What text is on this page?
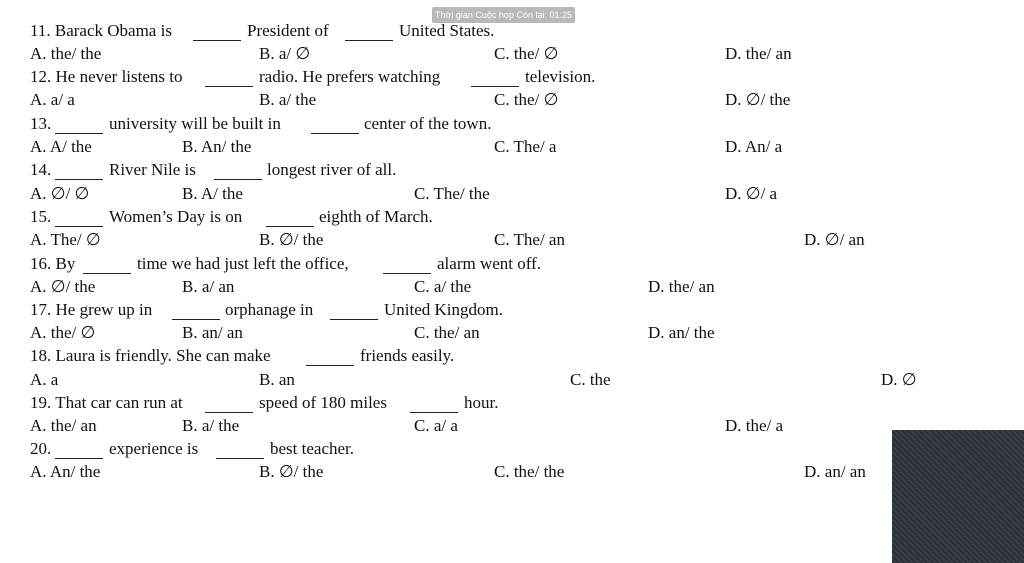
Thời gian Cuộc họp Còn lại: 01:25
11. Barack Obama is	President of	United States.
A. the/ the	B. a/ ∅	C. the/ ∅	D. the/ an
12. He never listens to	radio. He prefers watching	television.
A. a/ a	B. a/ the	C. the/ ∅	D. ∅/ the
13.	university will be built in	center of the town.
A. A/ the	B. An/ the	C. The/ a	D. An/ a
14.	River Nile is	longest river of all.
A. ∅/ ∅	B. A/ the	C. The/ the	D. ∅/ a
15.	Women’s Day is on	eighth of March.
A. The/ ∅	B. ∅/ the	C. The/ an	D. ∅/ an
16. By	time we had just left the office,	alarm went off.
A. ∅/ the	B. a/ an	C. a/ the	D. the/ an
17. He grew up in	orphanage in	United Kingdom.
A. the/ ∅	B. an/ an	C. the/ an	D. an/ the
18. Laura is friendly. She can make	friends easily.
A. a	B. an	C. the	D. ∅
19. That car can run at	speed of 180 miles	hour.
A. the/ an	B. a/ the	C. a/ a	D. the/ a
20.	experience is	best teacher.
A. An/ the	B. ∅/ the	C. the/ the	D. an/ an
